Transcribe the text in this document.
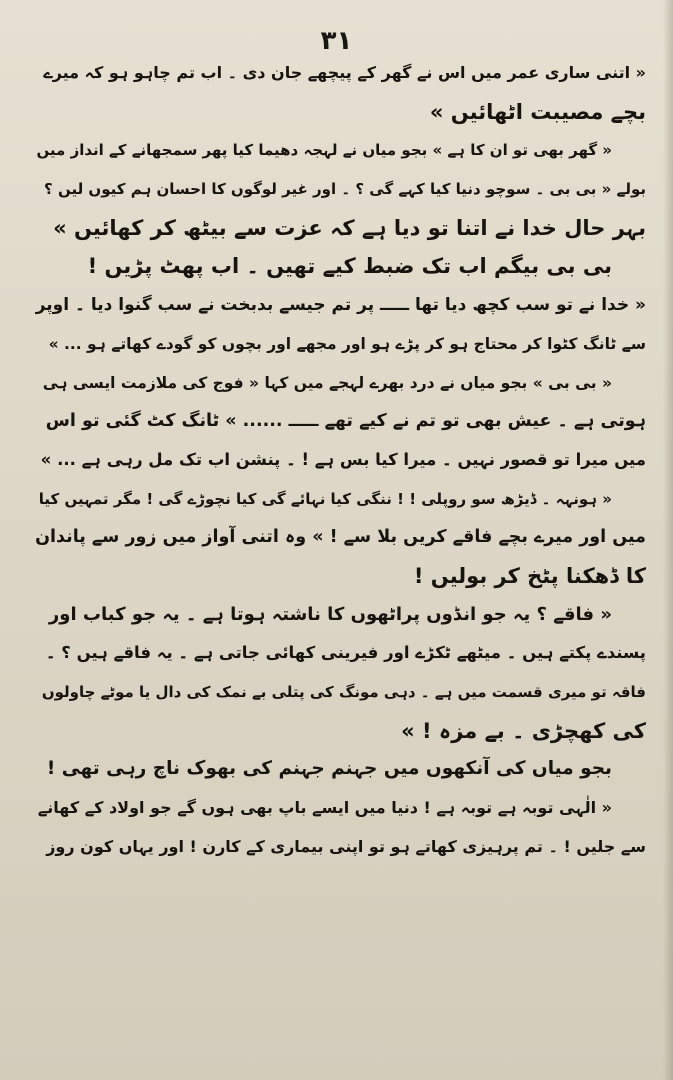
۳۱
« اتنی ساری عمر میں اس نے گھر کے پیچھے جان دی ۔ اب تم چاہو ہو کہ میرے
بچے مصیبت اٹھائیں »
« گھر بھی تو ان کا ہے » بجو میاں نے لہجہ دھیما کیا پھر سمجھانے کے انداز میں
بولے « بی بی ۔ سوچو دنیا کیا کہے گی ؟ ۔ اور غیر لوگوں کا احسان ہم کیوں لیں ؟
بہر حال خدا نے اتنا تو دیا ہے کہ عزت سے بیٹھ کر کھائیں »
بی بی بیگم اب تک ضبط کیے تھیں ۔ اب پھٹ پڑیں !
« خدا نے تو سب کچھ دیا تھا ـــــ پر تم جیسے بدبخت نے سب گنوا دیا ۔ اوپر
سے ٹانگ کٹوا کر محتاج ہو کر پڑے ہو اور مجھے اور بچوں کو گودے کھاتے ہو ... »
« بی بی » بجو میاں نے درد بھرے لہجے میں کہا « فوج کی ملازمت ایسی ہی
ہوتی ہے ۔ عیش بھی تو تم نے کیے تھے ـــــ ...... » ٹانگ کٹ گئی تو اس
میں میرا تو قصور نہیں ۔ میرا کیا بس ہے ! ۔ پنشن اب تک مل رہی ہے ... »
« ہونہہ ۔ ڈیڑھ سو روپلی ! ! ننگی کیا نہائے گی کیا نچوڑے گی ! مگر تمہیں کیا
میں اور میرے بچے فاقے کریں بلا سے ! » وہ اتنی آواز میں زور سے پاندان
کا ڈھکنا پٹخ کر بولیں !
« فاقے ؟ یہ جو انڈوں پراٹھوں کا ناشتہ ہوتا ہے ۔ یہ جو کباب اور
پسندے پکتے ہیں ۔ میٹھے ٹکڑے اور فیرینی کھائی جاتی ہے ۔ یہ فاقے ہیں ؟ ۔
فاقہ تو میری قسمت میں ہے ۔ دہی مونگ کی پتلی بے نمک کی دال یا موٹے چاولوں
کی کھچڑی ۔ بے مزہ ! »
بجو میاں کی آنکھوں میں جہنم جہنم کی بھوک ناچ رہی تھی !
« الٰہی توبہ ہے توبہ ہے ! دنیا میں ایسے باپ بھی ہوں گے جو اولاد کے کھانے
سے جلیں ! ۔ تم پرہیزی کھاتے ہو تو اپنی بیماری کے کارن ! اور یہاں کون روز
